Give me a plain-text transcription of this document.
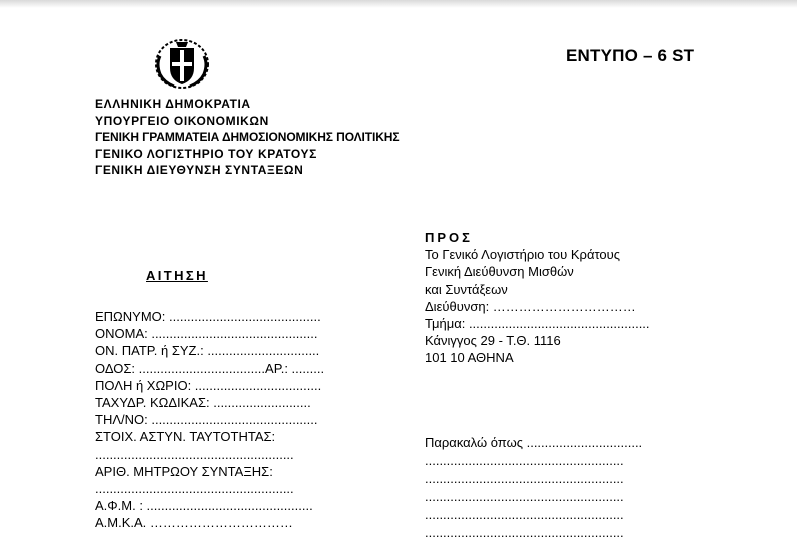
ΕΝΤΥΠΟ – 6 ST
ΕΛΛΗΝΙΚΗ ΔΗΜΟΚΡΑΤΙΑ
ΥΠΟΥΡΓΕΙΟ ΟΙΚΟΝΟΜΙΚΩΝ
ΓΕΝΙΚΗ ΓΡΑΜΜΑΤΕΙΑ ΔΗΜΟΣΙΟΝΟΜΙΚΗΣ ΠΟΛΙΤΙΚΗΣ
ΓΕΝΙΚΟ ΛΟΓΙΣΤΗΡΙΟ ΤΟΥ ΚΡΑΤΟΥΣ
ΓΕΝΙΚΗ ΔΙΕΥΘΥΝΣΗ ΣΥΝΤΑΞΕΩΝ
ΑΙΤΗΣΗ
ΕΠΩΝΥΜΟ: ..........................................
ΟΝΟΜΑ: ..............................................
ΟΝ. ΠΑΤΡ. ή ΣΥΖ.: ...............................
ΟΔΟΣ: ...................................ΑΡ.: .........
ΠΟΛΗ ή ΧΩΡΙΟ: ...................................
ΤΑΧΥΔΡ. ΚΩΔΙΚΑΣ: ...........................
ΤΗΛ/ΝΟ: ..............................................
ΣΤΟΙΧ. ΑΣΤΥΝ. ΤΑΥΤΟΤΗΤΑΣ:
.......................................................
ΑΡΙΘ. ΜΗΤΡΩΟΥ ΣΥΝΤΑΞΗΣ:
.......................................................
Α.Φ.Μ. : ..............................................
Α.Μ.Κ.Α. ……………………………
ΠΡΟΣ
Το Γενικό Λογιστήριο του Κράτους
Γενική Διεύθυνση Μισθών
και Συντάξεων
Διεύθυνση: ……………………………
Τμήμα: ..................................................
Κάνιγγος 29 - Τ.Θ. 1116
101 10 ΑΘΗΝΑ
Παρακαλώ όπως ................................
.......................................................
.......................................................
.......................................................
.......................................................
.......................................................
